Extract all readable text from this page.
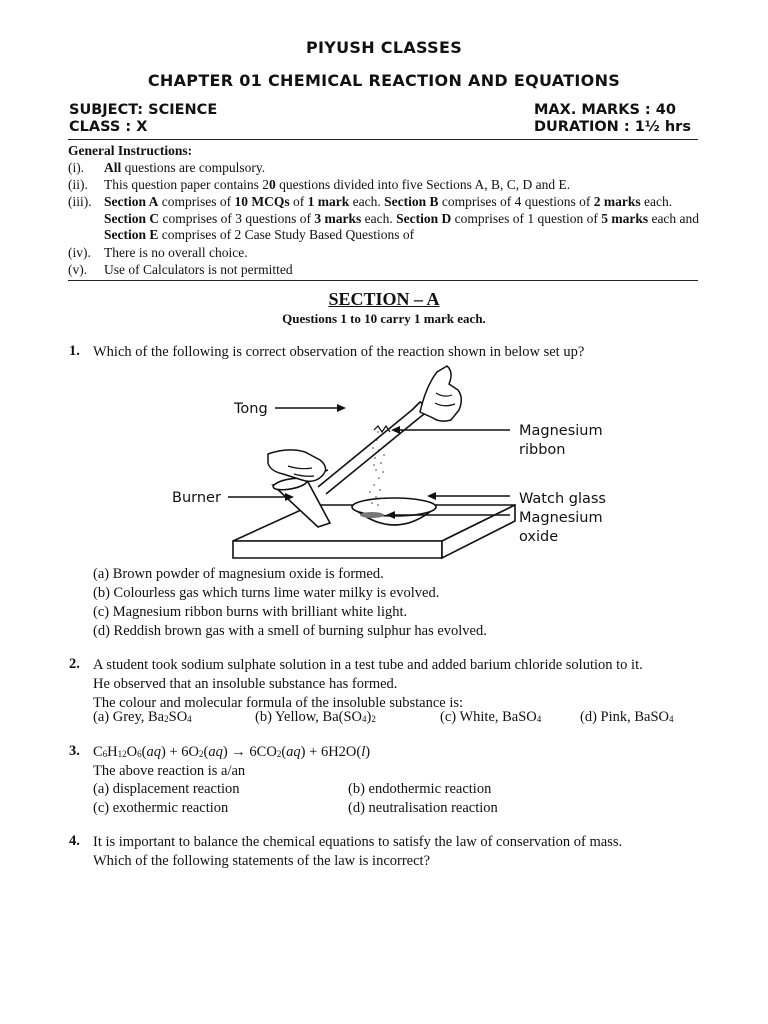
PIYUSH CLASSES
CHAPTER 01 CHEMICAL REACTION AND EQUATIONS
SUBJECT: SCIENCE
CLASS : X
MAX. MARKS : 40
DURATION : 1½ hrs
General Instructions:
(i).	All questions are compulsory.
(ii).	This question paper contains 20 questions divided into five Sections A, B, C, D and E.
(iii). Section A comprises of 10 MCQs of 1 mark each. Section B comprises of 4 questions of 2 marks each. Section C comprises of 3 questions of 3 marks each. Section D comprises of 1 question of 5 marks each and Section E comprises of 2 Case Study Based Questions of
(iv). There is no overall choice.
(v).	Use of Calculators is not permitted
SECTION – A
Questions 1 to 10 carry 1 mark each.
1. Which of the following is correct observation of the reaction shown in below set up?
Tong
Burner
Magnesium
ribbon
Watch glass
Magnesium
oxide
(a) Brown powder of magnesium oxide is formed.
(b) Colourless gas which turns lime water milky is evolved.
(c) Magnesium ribbon burns with brilliant white light.
(d) Reddish brown gas with a smell of burning sulphur has evolved.
2. A student took sodium sulphate solution in a test tube and added barium chloride solution to it.
He observed that an insoluble substance has formed.
The colour and molecular formula of the insoluble substance is:
(a) Grey, $Ba_2SO_4$	(b) Yellow, $Ba(SO_4)_2$	(c) White, BaSO$_4$	(d) Pink, BaSO$_4$
3. $C_6H_{12}O_6(aq) + 6O_2(aq) \to 6CO_2(aq) + 6H2O(l)$
The above reaction is a/an
(a) displacement reaction	(b) endothermic reaction
(c) exothermic reaction	(d) neutralisation reaction
4. It is important to balance the chemical equations to satisfy the law of conservation of mass.
Which of the following statements of the law is incorrect?
